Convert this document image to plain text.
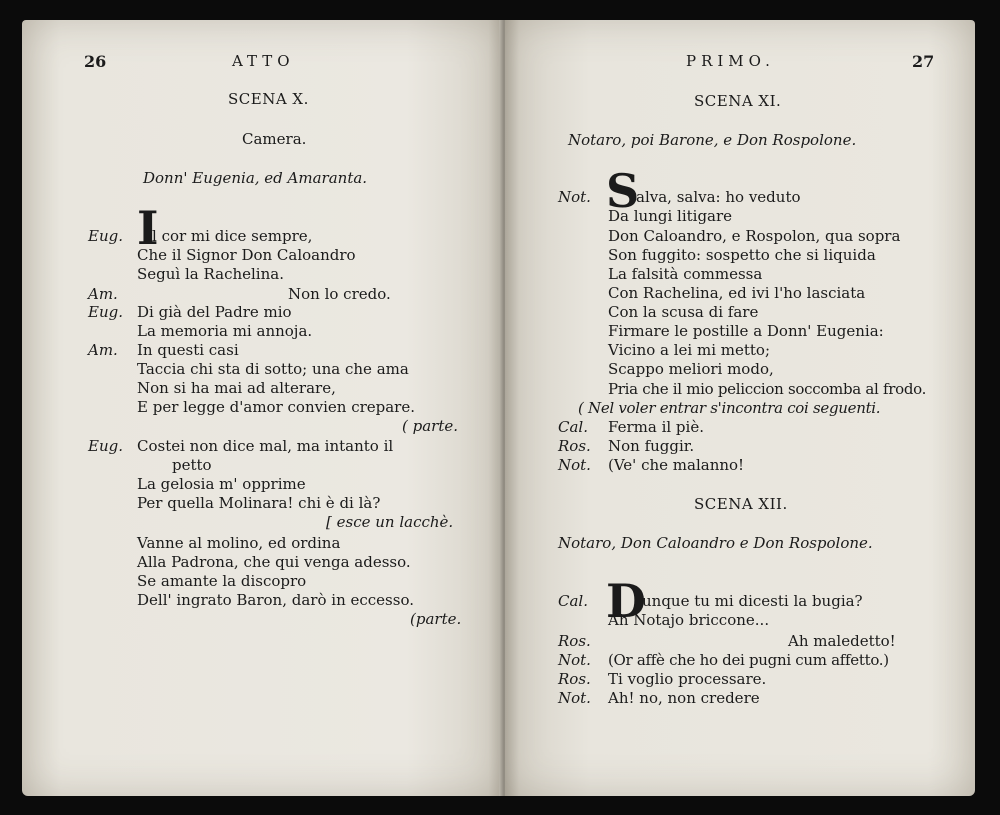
26	ATTO
SCENA X.
Camera.
Donn' Eugenia, ed Amaranta.
I
Eug. l cor mi dice sempre,
Che il Signor Don Caloandro
Seguì la Rachelina.
Am.	Non lo credo.
Eug. Di già del Padre mio
La memoria mi annoja.
Am. In questi casi
Taccia chi sta di sotto; una che ama
Non si ha mai ad alterare,
E per legge d'amor convien crepare.
( parte.
Eug. Costei non dice mal, ma intanto il
petto
La gelosia m' opprime
Per quella Molinara! chi è di là?
[ esce un lacchè.
Vanne al molino, ed ordina
Alla Padrona, che qui venga adesso.
Se amante la discopro
Dell' ingrato Baron, darò in eccesso.
(parte.
PRIMO.	27
SCENA XI.
Notaro, poi Barone, e Don Rospolone.
S
Not.	alva, salva: ho veduto
Da lungi litigare
Don Caloandro, e Rospolon, qua sopra
Son fuggito: sospetto che si liquida
La falsità commessa
Con Rachelina, ed ivi l'ho lasciata
Con la scusa di fare
Firmare le postille a Donn' Eugenia:
Vicino a lei mi metto;
Scappo meliori modo,
Pria che il mio peliccion soccomba al frodo.
( Nel voler entrar s'incontra coi seguenti.
Cal. Ferma il piè.
Ros. Non fuggir.
Not. (Ve' che malanno!
SCENA XII.
Notaro, Don Caloandro e Don Rospolone.
D
Cal.	unque tu mi dicesti la bugia?
Ah Notajo briccone...
Ros.	Ah maledetto!
Not. (Or affè che ho dei pugni cum affetto.)
Ros. Ti voglio processare.
Not. Ah! no, non credere
